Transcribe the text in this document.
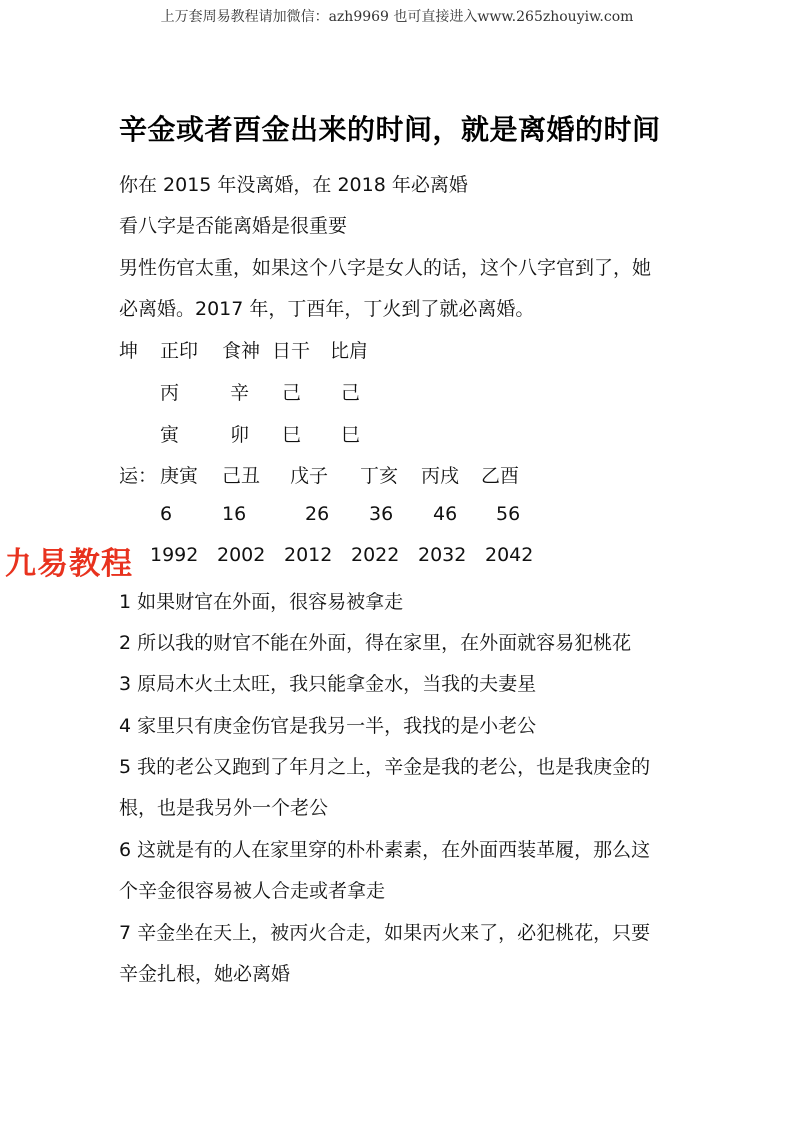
上万套周易教程请加微信：azh9969 也可直接进入www.265zhouyiw.com
辛金或者酉金出来的时间，就是离婚的时间
你在 2015 年没离婚，在 2018 年必离婚
看八字是否能离婚是很重要
男性伤官太重，如果这个八字是女人的话，这个八字官到了，她
必离婚。2017 年，丁酉年，丁火到了就必离婚。
坤 正印 食神 日干 比肩
丙	辛 己 己
寅	卯 巳 巳
运： 庚寅 己丑 戊子 丁亥 丙戌 乙酉
6	16	26 36 46 56
九易教程 1992 2002 2012 2022 2032 2042
1 如果财官在外面，很容易被拿走
2 所以我的财官不能在外面，得在家里，在外面就容易犯桃花
3 原局木火土太旺，我只能拿金水，当我的夫妻星
4 家里只有庚金伤官是我另一半，我找的是小老公
5 我的老公又跑到了年月之上，辛金是我的老公，也是我庚金的
根，也是我另外一个老公
6 这就是有的人在家里穿的朴朴素素，在外面西装革履，那么这
个辛金很容易被人合走或者拿走
7 辛金坐在天上，被丙火合走，如果丙火来了，必犯桃花，只要
辛金扎根，她必离婚
